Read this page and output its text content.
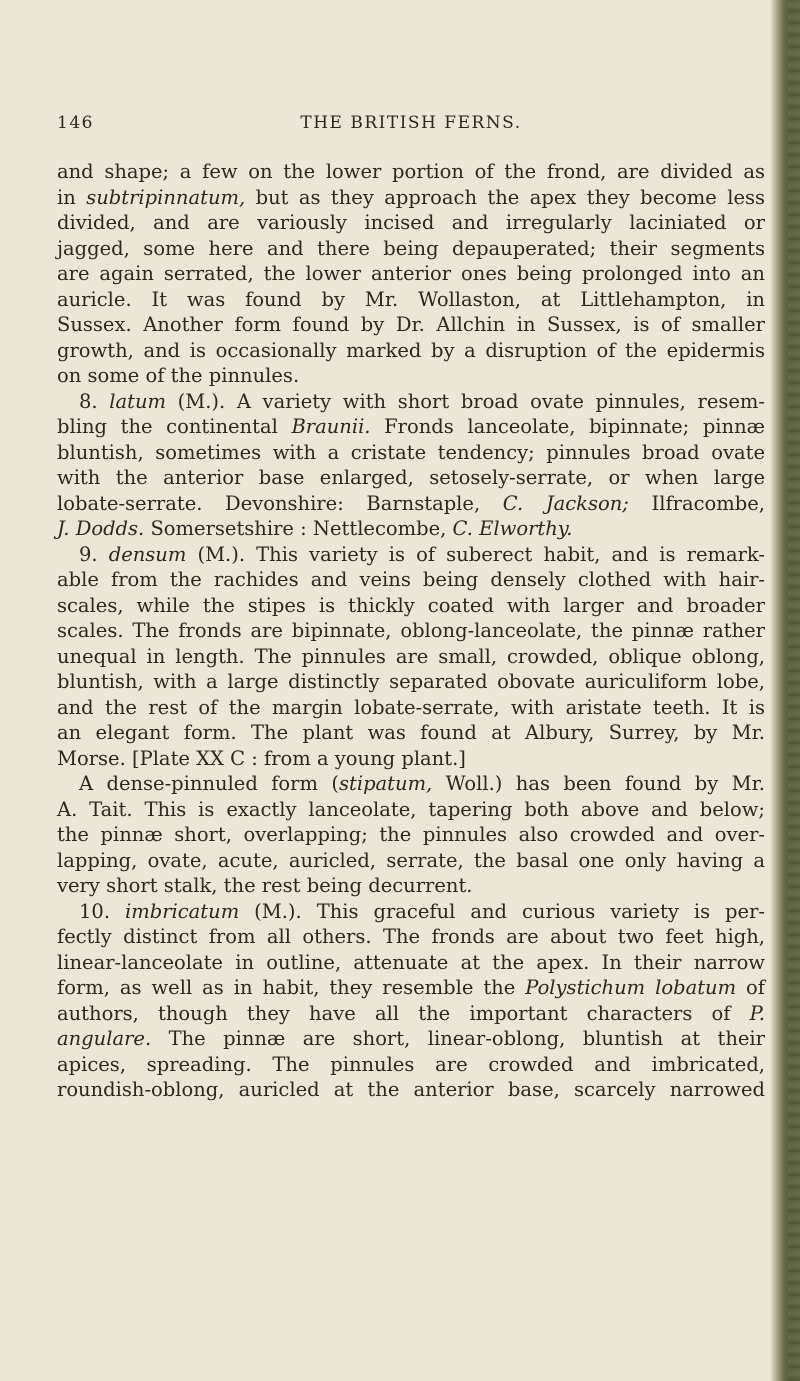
146	THE BRITISH FERNS.
and shape; a few on the lower portion of the frond, are divided as
in subtripinnatum, but as they approach the apex they become less
divided, and are variously incised and irregularly laciniated or
jagged, some here and there being depauperated; their segments
are again serrated, the lower anterior ones being prolonged into an
auricle. It was found by Mr. Wollaston, at Littlehampton, in
Sussex. Another form found by Dr. Allchin in Sussex, is of smaller
growth, and is occasionally marked by a disruption of the epidermis
on some of the pinnules.
8. latum (M.). A variety with short broad ovate pinnules, resem-
bling the continental Braunii. Fronds lanceolate, bipinnate; pinnæ
bluntish, sometimes with a cristate tendency; pinnules broad ovate
with the anterior base enlarged, setosely-serrate, or when large
lobate-serrate. Devonshire: Barnstaple, C. Jackson; Ilfracombe,
J. Dodds. Somersetshire : Nettlecombe, C. Elworthy.
9. densum (M.). This variety is of suberect habit, and is remark-
able from the rachides and veins being densely clothed with hair-
scales, while the stipes is thickly coated with larger and broader
scales. The fronds are bipinnate, oblong-lanceolate, the pinnæ rather
unequal in length. The pinnules are small, crowded, oblique oblong,
bluntish, with a large distinctly separated obovate auriculiform lobe,
and the rest of the margin lobate-serrate, with aristate teeth. It is
an elegant form. The plant was found at Albury, Surrey, by Mr.
Morse. [Plate XX C : from a young plant.]
A dense-pinnuled form (stipatum, Woll.) has been found by Mr.
A. Tait. This is exactly lanceolate, tapering both above and below;
the pinnæ short, overlapping; the pinnules also crowded and over-
lapping, ovate, acute, auricled, serrate, the basal one only having a
very short stalk, the rest being decurrent.
10. imbricatum (M.). This graceful and curious variety is per-
fectly distinct from all others. The fronds are about two feet high,
linear-lanceolate in outline, attenuate at the apex. In their narrow
form, as well as in habit, they resemble the Polystichum lobatum of
authors, though they have all the important characters of P.
angulare. The pinnæ are short, linear-oblong, bluntish at their
apices, spreading. The pinnules are crowded and imbricated,
roundish-oblong, auricled at the anterior base, scarcely narrowed
